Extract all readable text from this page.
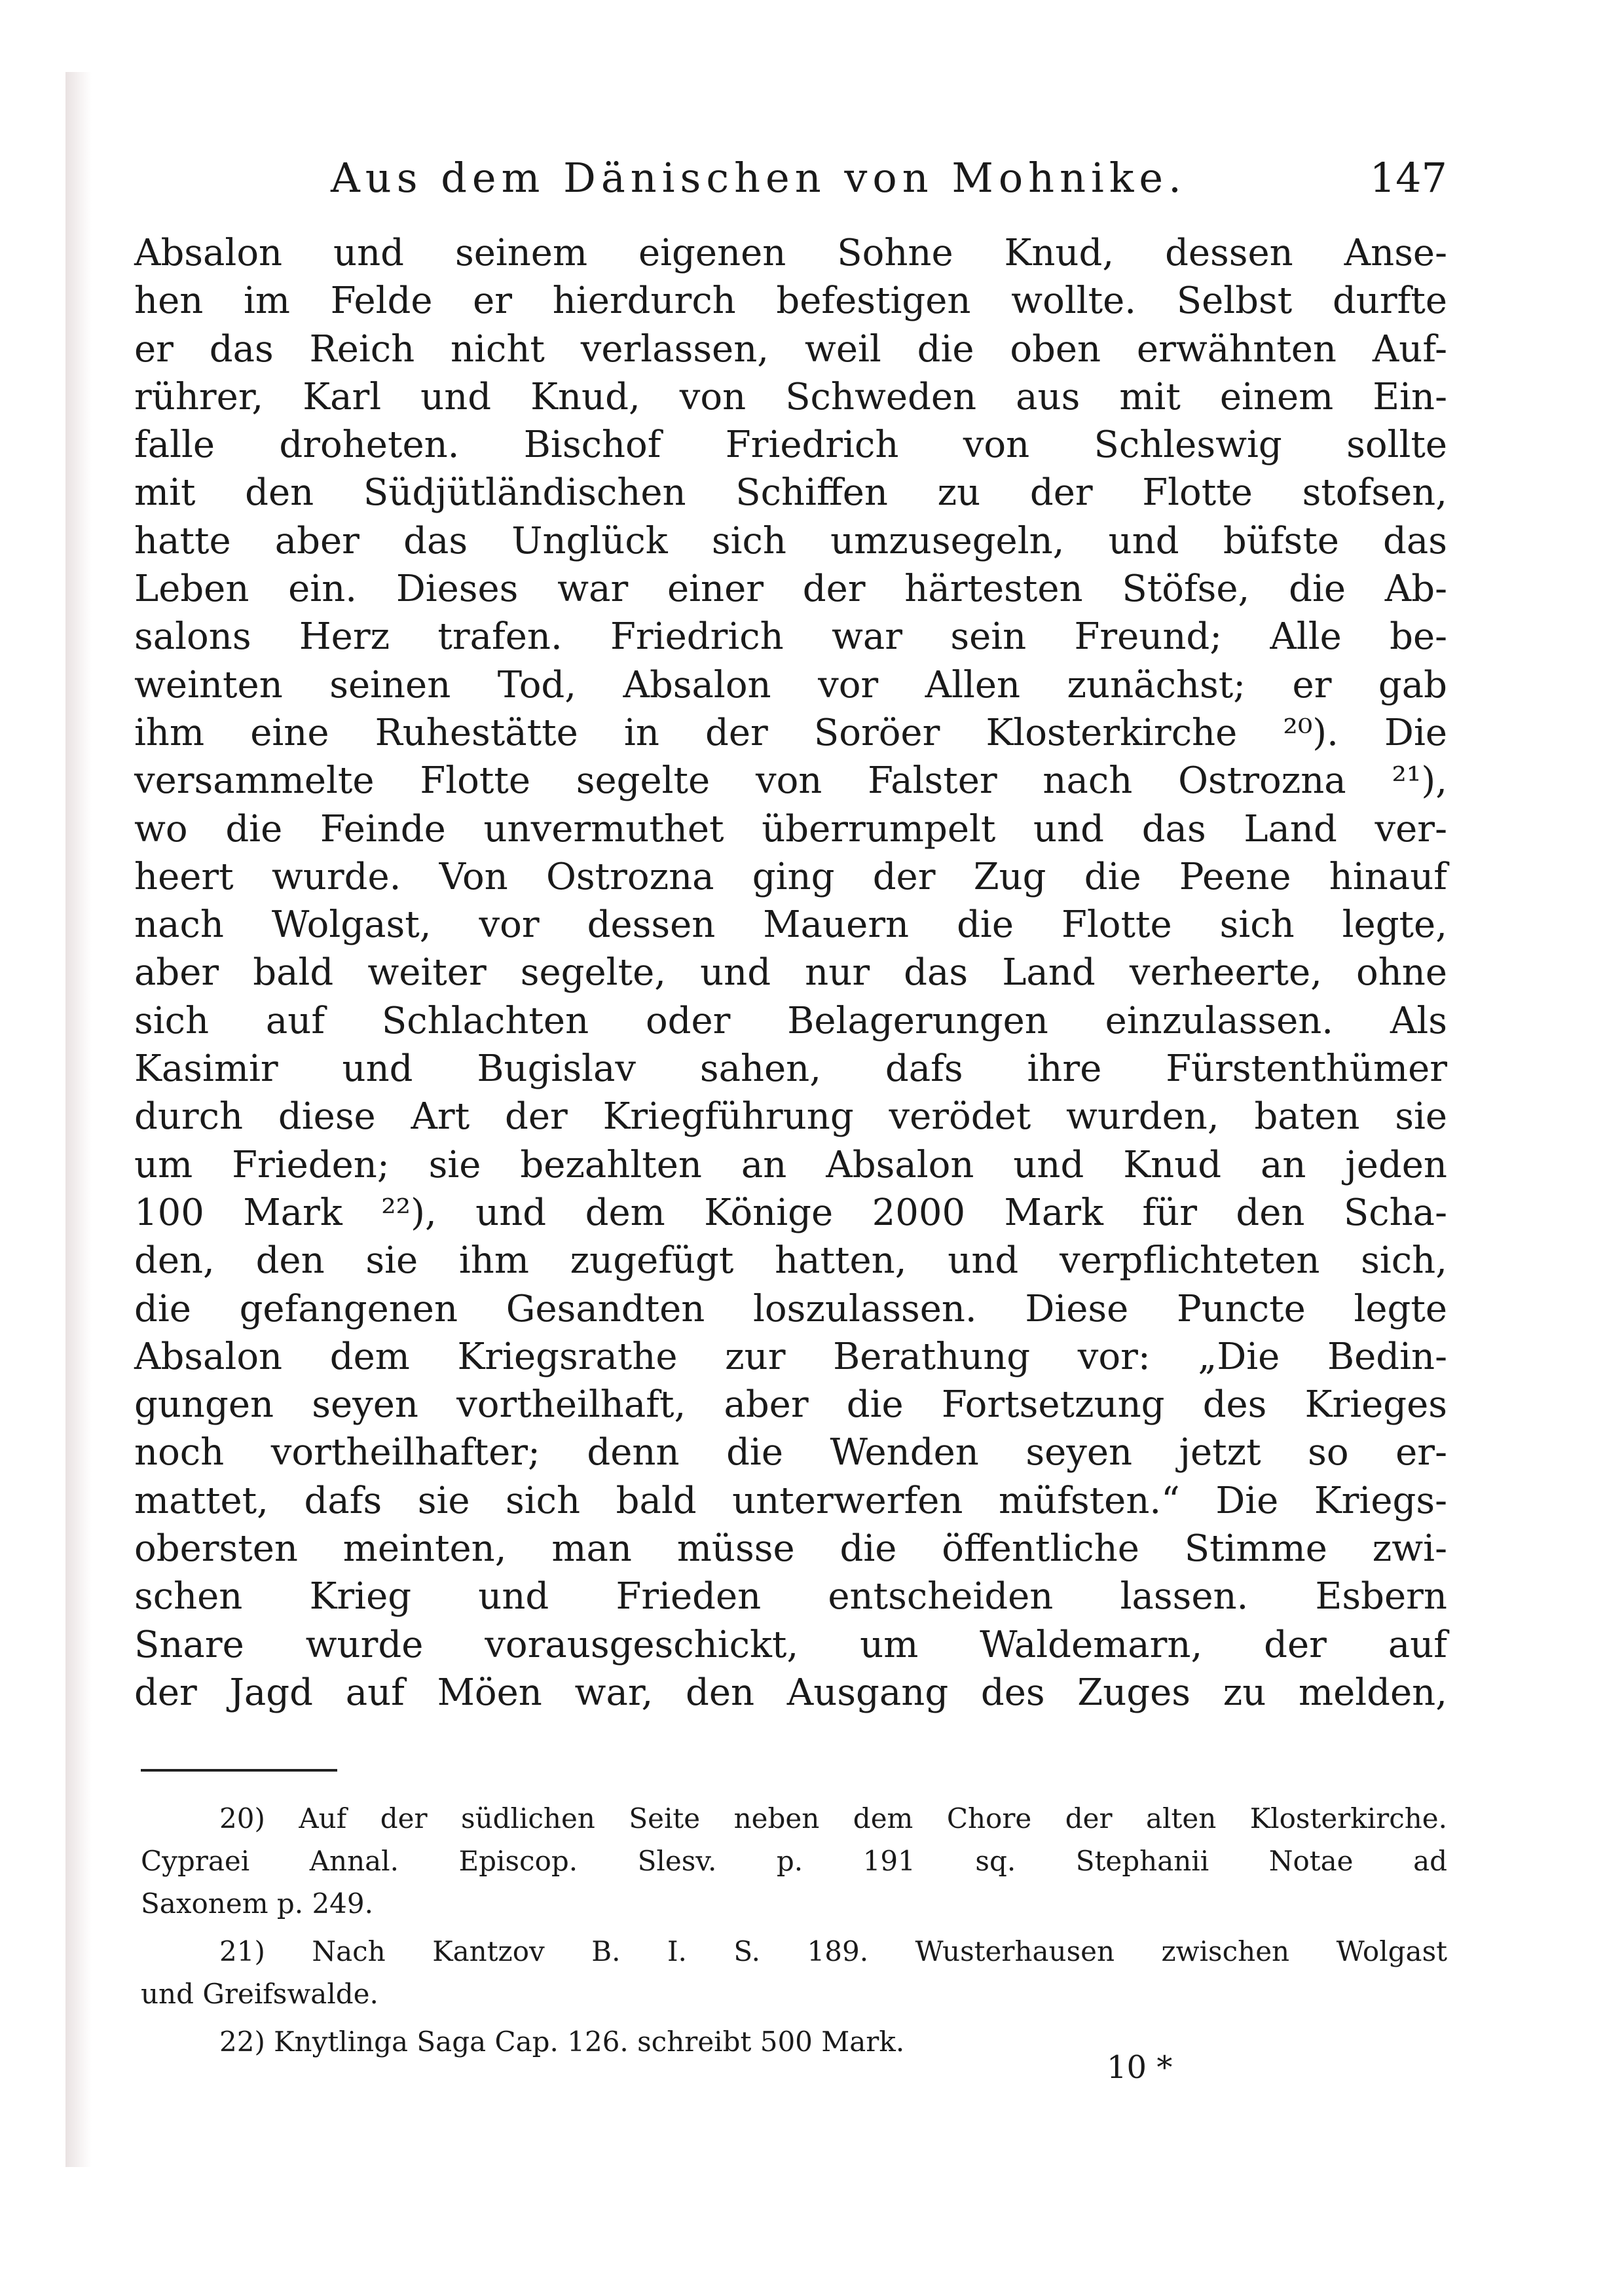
Aus dem Dänischen von Mohnike.	147
Absalon und seinem eigenen Sohne Knud, dessen Anse-
hen im Felde er hierdurch befestigen wollte. Selbst durfte
er das Reich nicht verlassen, weil die oben erwähnten Auf-
rührer, Karl und Knud, von Schweden aus mit einem Ein-
falle droheten. Bischof Friedrich von Schleswig sollte
mit den Südjütländischen Schiffen zu der Flotte stofsen,
hatte aber das Unglück sich umzusegeln, und büfste das
Leben ein. Dieses war einer der härtesten Stöfse, die Ab-
salons Herz trafen. Friedrich war sein Freund; Alle be-
weinten seinen Tod, Absalon vor Allen zunächst; er gab
ihm eine Ruhestätte in der Soröer Klosterkirche ²⁰). Die
versammelte Flotte segelte von Falster nach Ostrozna ²¹),
wo die Feinde unvermuthet überrumpelt und das Land ver-
heert wurde. Von Ostrozna ging der Zug die Peene hinauf
nach Wolgast, vor dessen Mauern die Flotte sich legte,
aber bald weiter segelte, und nur das Land verheerte, ohne
sich auf Schlachten oder Belagerungen einzulassen. Als
Kasimir und Bugislav sahen, dafs ihre Fürstenthümer
durch diese Art der Kriegführung verödet wurden, baten sie
um Frieden; sie bezahlten an Absalon und Knud an jeden
100 Mark ²²), und dem Könige 2000 Mark für den Scha-
den, den sie ihm zugefügt hatten, und verpflichteten sich,
die gefangenen Gesandten loszulassen. Diese Puncte legte
Absalon dem Kriegsrathe zur Berathung vor: „Die Bedin-
gungen seyen vortheilhaft, aber die Fortsetzung des Krieges
noch vortheilhafter; denn die Wenden seyen jetzt so er-
mattet, dafs sie sich bald unterwerfen müfsten.“ Die Kriegs-
obersten meinten, man müsse die öffentliche Stimme zwi-
schen Krieg und Frieden entscheiden lassen. Esbern
Snare wurde vorausgeschickt, um Waldemarn, der auf
der Jagd auf Möen war, den Ausgang des Zuges zu melden,
20) Auf der südlichen Seite neben dem Chore der alten Klosterkirche.
Cypraei Annal. Episcop. Slesv. p. 191 sq. Stephanii Notae ad
Saxonem p. 249.
21) Nach Kantzov B. I. S. 189. Wusterhausen zwischen Wolgast
und Greifswalde.
22) Knytlinga Saga Cap. 126. schreibt 500 Mark.
10 *
